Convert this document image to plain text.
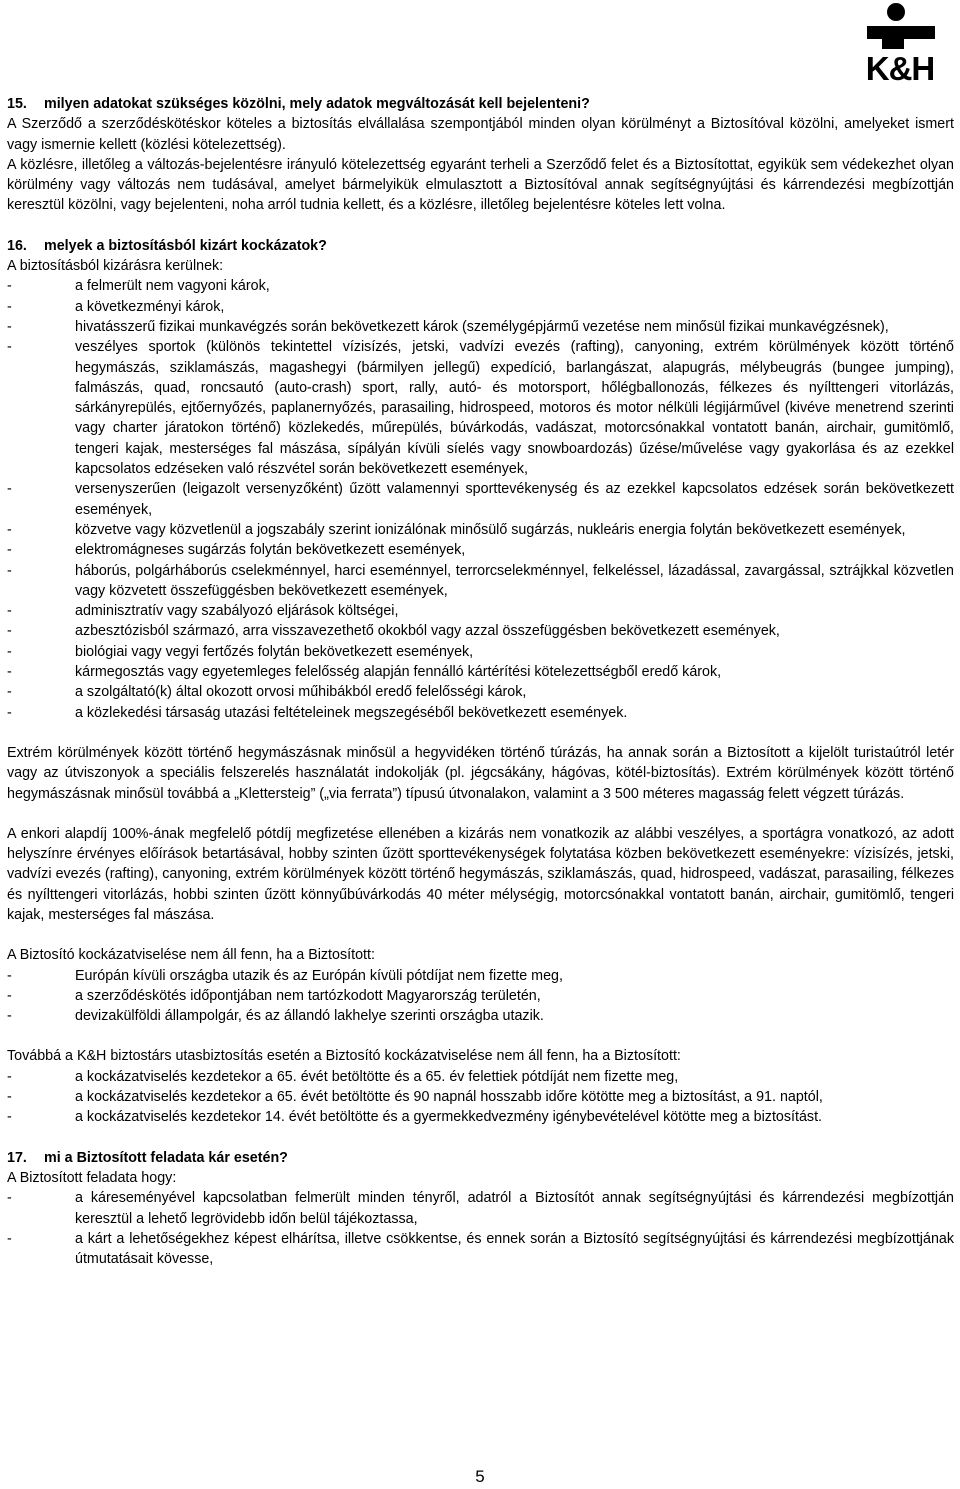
K&H

15. milyen adatokat szükséges közölni, mely adatok megváltozását kell bejelenteni?

A Szerződő a szerződéskötéskor köteles a biztosítás elvállalása szempontjából minden olyan körülményt a Biztosítóval közölni, amelyeket ismert vagy ismernie kellett (közlési kötelezettség).

A közlésre, illetőleg a változás-bejelentésre irányuló kötelezettség egyaránt terheli a Szerződő felet és a Biztosítottat, egyikük sem védekezhet olyan körülmény vagy változás nem tudásával, amelyet bármelyikük elmulasztott a Biztosítóval annak segítségnyújtási és kárrendezési megbízottján keresztül közölni, vagy bejelenteni, noha arról tudnia kellett, és a közlésre, illetőleg bejelentésre köteles lett volna.

16. melyek a biztosításból kizárt kockázatok?

A biztosításból kizárásra kerülnek:

-	a felmerült nem vagyoni károk,
-	a következményi károk,
-	hivatásszerű fizikai munkavégzés során bekövetkezett károk (személygépjármű vezetése nem minősül fizikai munkavégzésnek),
-	veszélyes sportok (különös tekintettel vízisízés, jetski, vadvízi evezés (rafting), canyoning, extrém körülmények között történő hegymászás, sziklamászás, magashegyi (bármilyen jellegű) expedíció, barlangászat, alapugrás, mélybeugrás (bungee jumping), falmászás, quad, roncsautó (auto-crash) sport, rally, autó- és motorsport, hőlégballonozás, félkezes és nyílttengeri vitorlázás, sárkányrepülés, ejtőernyőzés, paplanernyőzés, parasailing, hidrospeed, motoros és motor nélküli légijárművel (kivéve menetrend szerinti vagy charter járatokon történő) közlekedés, műrepülés, búvárkodás, vadászat, motorcsónakkal vontatott banán, airchair, gumitömlő, tengeri kajak, mesterséges fal mászása, sípályán kívüli síelés vagy snowboardozás) űzése/művelése vagy gyakorlása és az ezekkel kapcsolatos edzéseken való részvétel során bekövetkezett események,
-	versenyszerűen (leigazolt versenyzőként) űzött valamennyi sporttevékenység és az ezekkel kapcsolatos edzések során bekövetkezett események,
-	közvetve vagy közvetlenül a jogszabály szerint ionizálónak minősülő sugárzás, nukleáris energia folytán bekövetkezett események,
-	elektromágneses sugárzás folytán bekövetkezett események,
-	háborús, polgárháborús cselekménnyel, harci eseménnyel, terrorcselekménnyel, felkeléssel, lázadással, zavargással, sztrájkkal közvetlen vagy közvetett összefüggésben bekövetkezett események,
-	adminisztratív vagy szabályozó eljárások költségei,
-	azbesztózisból származó, arra visszavezethető okokból vagy azzal összefüggésben bekövetkezett események,
-	biológiai vagy vegyi fertőzés folytán bekövetkezett események,
-	kármegosztás vagy egyetemleges felelősség alapján fennálló kártérítési kötelezettségből eredő károk,
-	a szolgáltató(k) által okozott orvosi műhibákból eredő felelősségi károk,
-	a közlekedési társaság utazási feltételeinek megszegéséből bekövetkezett események.

Extrém körülmények között történő hegymászásnak minősül a hegyvidéken történő túrázás, ha annak során a Biztosított a kijelölt turistaútról letér vagy az útviszonyok a speciális felszerelés használatát indokolják (pl. jégcsákány, hágóvas, kötél-biztosítás). Extrém körülmények között történő hegymászásnak minősül továbbá a „Klettersteig” („via ferrata”) típusú útvonalakon, valamint a 3 500 méteres magasság felett végzett túrázás.

A enkori alapdíj 100%-ának megfelelő pótdíj megfizetése ellenében a kizárás nem vonatkozik az alábbi veszélyes, a sportágra vonatkozó, az adott helyszínre érvényes előírások betartásával, hobby szinten űzött sporttevékenységek folytatása közben bekövetkezett eseményekre: vízisízés, jetski, vadvízi evezés (rafting), canyoning, extrém körülmények között történő hegymászás, sziklamászás, quad, hidrospeed, vadászat, parasailing, félkezes és nyílttengeri vitorlázás, hobbi szinten űzött könnyűbúvárkodás 40 méter mélységig, motorcsónakkal vontatott banán, airchair, gumitömlő, tengeri kajak, mesterséges fal mászása.

A Biztosító kockázatviselése nem áll fenn, ha a Biztosított:

-	Európán kívüli országba utazik és az Európán kívüli pótdíjat nem fizette meg,
-	a szerződéskötés időpontjában nem tartózkodott Magyarország területén,
-	devizakülföldi állampolgár, és az állandó lakhelye szerinti országba utazik.

Továbbá a K&H biztostárs utasbiztosítás esetén a Biztosító kockázatviselése nem áll fenn, ha a Biztosított:

-	a kockázatviselés kezdetekor a 65. évét betöltötte és a 65. év felettiek pótdíját nem fizette meg,
-	a kockázatviselés kezdetekor a 65. évét betöltötte és 90 napnál hosszabb időre kötötte meg a biztosítást, a 91. naptól,
-	a kockázatviselés kezdetekor 14. évét betöltötte és a gyermekkedvezmény igénybevételével kötötte meg a biztosítást.

17. mi a Biztosított feladata kár esetén?

A Biztosított feladata hogy:

-	a káreseményével kapcsolatban felmerült minden tényről, adatról a Biztosítót annak segítségnyújtási és kárrendezési megbízottján keresztül a lehető legrövidebb időn belül tájékoztassa,
-	a kárt a lehetőségekhez képest elhárítsa, illetve csökkentse, és ennek során a Biztosító segítségnyújtási és kárrendezési megbízottjának útmutatásait kövesse,
5
